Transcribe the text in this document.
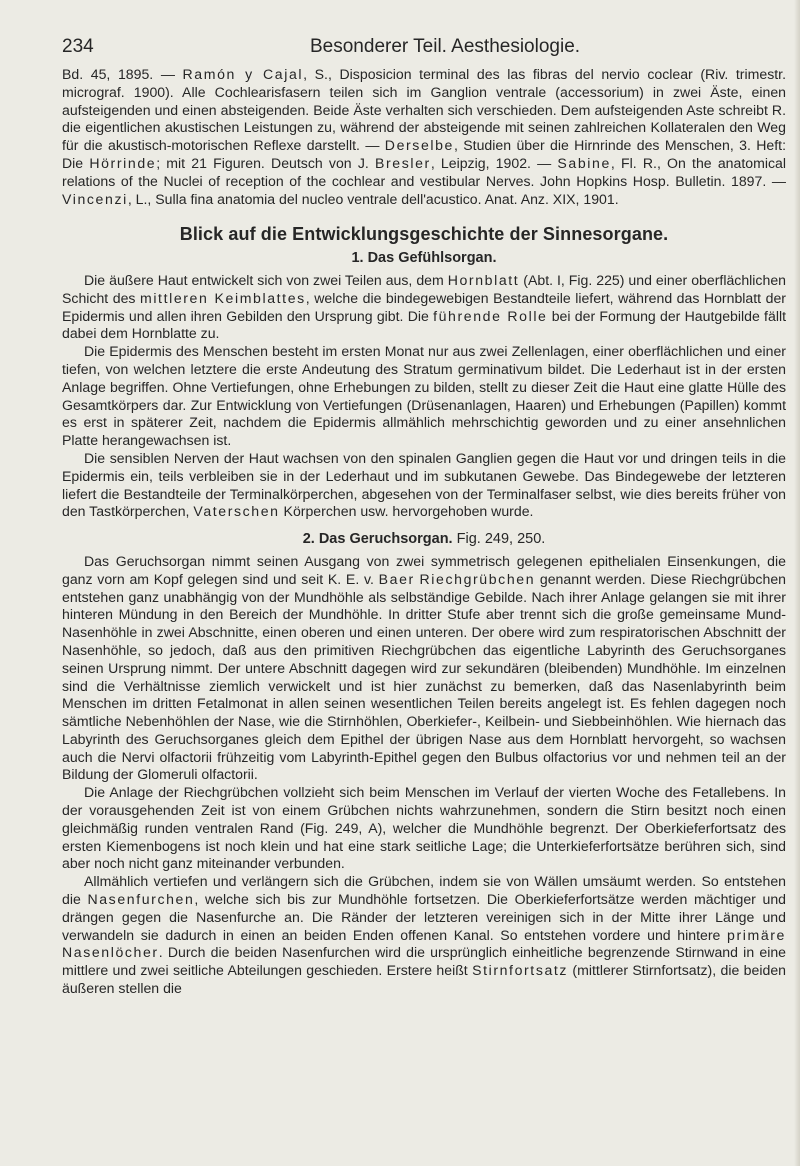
234	Besonderer Teil. Aesthesiologie.

Bd. 45, 1895. — Ramón y Cajal, S., Disposicion terminal des las fibras del nervio coclear (Riv. trimestr. micrograf. 1900). Alle Cochlearisfasern teilen sich im Ganglion ventrale (accessorium) in zwei Äste, einen aufsteigenden und einen absteigenden. Beide Äste verhalten sich verschieden. Dem aufsteigenden Aste schreibt R. die eigentlichen akustischen Leistungen zu, während der absteigende mit seinen zahlreichen Kollateralen den Weg für die akustisch-motorischen Reflexe darstellt. — Derselbe, Studien über die Hirnrinde des Menschen, 3. Heft: Die Hörrinde; mit 21 Figuren. Deutsch von J. Bresler, Leipzig, 1902. — Sabine, Fl. R., On the anatomical relations of the Nuclei of reception of the cochlear and vestibular Nerves. John Hopkins Hosp. Bulletin. 1897. — Vincenzi, L., Sulla fina anatomia del nucleo ventrale dell'acustico. Anat. Anz. XIX, 1901.

Blick auf die Entwicklungsgeschichte der Sinnesorgane.
1. Das Gefühlsorgan.

Die äußere Haut entwickelt sich von zwei Teilen aus, dem Hornblatt (Abt. I, Fig. 225) und einer oberflächlichen Schicht des mittleren Keimblattes, welche die bindegewebigen Bestandteile liefert, während das Hornblatt der Epidermis und allen ihren Gebilden den Ursprung gibt. Die führende Rolle bei der Formung der Hautgebilde fällt dabei dem Hornblatte zu.

Die Epidermis des Menschen besteht im ersten Monat nur aus zwei Zellenlagen, einer oberflächlichen und einer tiefen, von welchen letztere die erste Andeutung des Stratum germinativum bildet. Die Lederhaut ist in der ersten Anlage begriffen. Ohne Vertiefungen, ohne Erhebungen zu bilden, stellt zu dieser Zeit die Haut eine glatte Hülle des Gesamtkörpers dar. Zur Entwicklung von Vertiefungen (Drüsenanlagen, Haaren) und Erhebungen (Papillen) kommt es erst in späterer Zeit, nachdem die Epidermis allmählich mehrschichtig geworden und zu einer ansehnlichen Platte herangewachsen ist.

Die sensiblen Nerven der Haut wachsen von den spinalen Ganglien gegen die Haut vor und dringen teils in die Epidermis ein, teils verbleiben sie in der Lederhaut und im subkutanen Gewebe. Das Bindegewebe der letzteren liefert die Bestandteile der Terminalkörperchen, abgesehen von der Terminalfaser selbst, wie dies bereits früher von den Tastkörperchen, Vaterschen Körperchen usw. hervorgehoben wurde.

2. Das Geruchsorgan. Fig. 249, 250.

Das Geruchsorgan nimmt seinen Ausgang von zwei symmetrisch gelegenen epithelialen Einsenkungen, die ganz vorn am Kopf gelegen sind und seit K. E. v. Baer Riechgrübchen genannt werden. Diese Riechgrübchen entstehen ganz unabhängig von der Mundhöhle als selbständige Gebilde. Nach ihrer Anlage gelangen sie mit ihrer hinteren Mündung in den Bereich der Mundhöhle. In dritter Stufe aber trennt sich die große gemeinsame Mund-Nasenhöhle in zwei Abschnitte, einen oberen und einen unteren. Der obere wird zum respiratorischen Abschnitt der Nasenhöhle, so jedoch, daß aus den primitiven Riechgrübchen das eigentliche Labyrinth des Geruchsorganes seinen Ursprung nimmt. Der untere Abschnitt dagegen wird zur sekundären (bleibenden) Mundhöhle. Im einzelnen sind die Verhältnisse ziemlich verwickelt und ist hier zunächst zu bemerken, daß das Nasenlabyrinth beim Menschen im dritten Fetalmonat in allen seinen wesentlichen Teilen bereits angelegt ist. Es fehlen dagegen noch sämtliche Nebenhöhlen der Nase, wie die Stirnhöhlen, Oberkiefer-, Keilbein- und Siebbeinhöhlen. Wie hiernach das Labyrinth des Geruchsorganes gleich dem Epithel der übrigen Nase aus dem Hornblatt hervorgeht, so wachsen auch die Nervi olfactorii frühzeitig vom Labyrinth-Epithel gegen den Bulbus olfactorius vor und nehmen teil an der Bildung der Glomeruli olfactorii.

Die Anlage der Riechgrübchen vollzieht sich beim Menschen im Verlauf der vierten Woche des Fetallebens. In der vorausgehenden Zeit ist von einem Grübchen nichts wahrzunehmen, sondern die Stirn besitzt noch einen gleichmäßig runden ventralen Rand (Fig. 249, A), welcher die Mundhöhle begrenzt. Der Oberkieferfortsatz des ersten Kiemenbogens ist noch klein und hat eine stark seitliche Lage; die Unterkieferfortsätze berühren sich, sind aber noch nicht ganz miteinander verbunden.

Allmählich vertiefen und verlängern sich die Grübchen, indem sie von Wällen umsäumt werden. So entstehen die Nasenfurchen, welche sich bis zur Mundhöhle fortsetzen. Die Oberkieferfortsätze werden mächtiger und drängen gegen die Nasenfurche an. Die Ränder der letzteren vereinigen sich in der Mitte ihrer Länge und verwandeln sie dadurch in einen an beiden Enden offenen Kanal. So entstehen vordere und hintere primäre Nasenlöcher. Durch die beiden Nasenfurchen wird die ursprünglich einheitliche begrenzende Stirnwand in eine mittlere und zwei seitliche Abteilungen geschieden. Erstere heißt Stirnfortsatz (mittlerer Stirnfortsatz), die beiden äußeren stellen die
